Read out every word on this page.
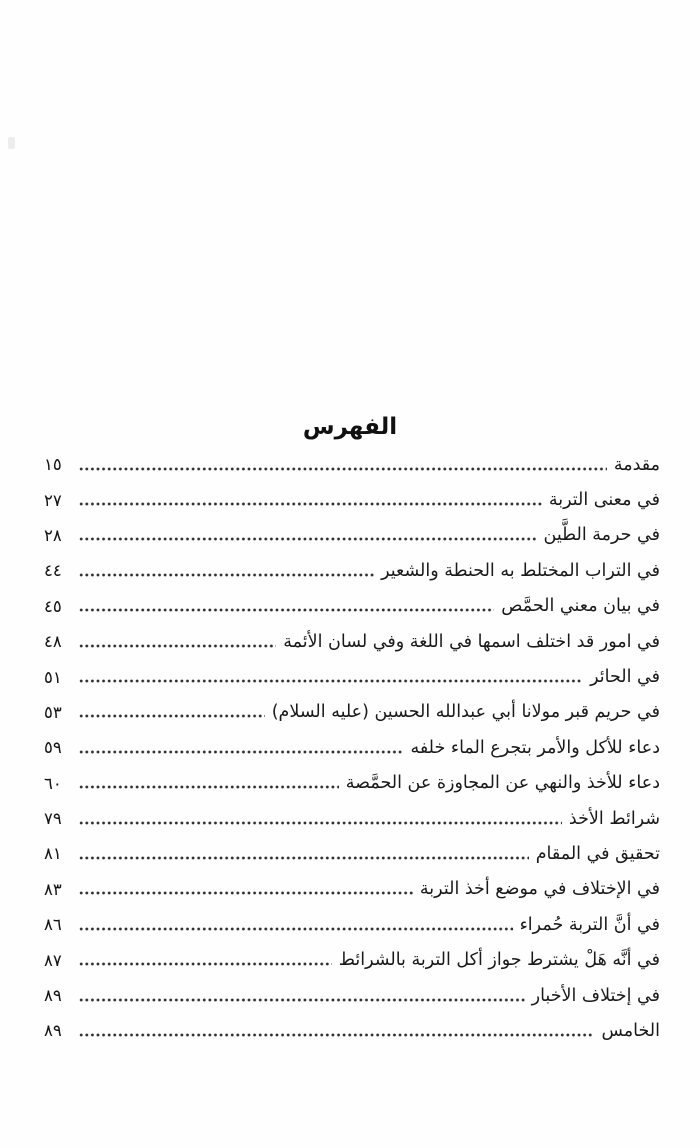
الفهرس
مقدمة
١٥
في معنى التربة
٢٧
في حرمة الطَّين
٢٨
في التراب المختلط به الحنطة والشعير
٤٤
في بيان معني الحمَّص
٤٥
في امور قد اختلف اسمها في اللغة وفي لسان الأئمة
٤٨
في الحائر
٥١
في حريم قبر مولانا أبي عبدالله الحسين (عليه السلام)
٥٣
دعاء للأكل والأمر بتجرع الماء خلفه
٥٩
دعاء للأخذ والنهي عن المجاوزة عن الحمَّصة
٦٠
شرائط الأخذ
٧٩
تحقيق في المقام
٨١
في الإختلاف في موضع أخذ التربة
٨٣
في أنَّ التربة حُمراء
٨٦
في أنَّه هَلْ يشترط جواز أكل التربة بالشرائط
٨٧
في إختلاف الأخبار
٨٩
الخامس
٨٩
